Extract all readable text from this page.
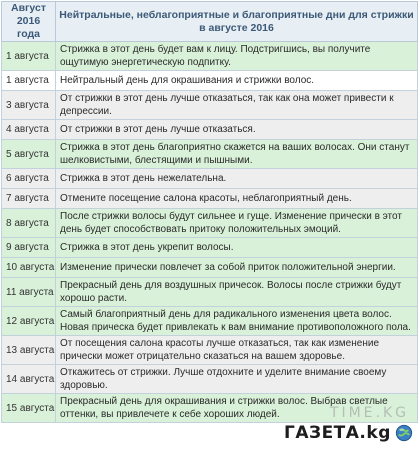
Август 2016 года	Нейтральные, неблагоприятные и благоприятные дни для стрижки в августе 2016
1 августа	Стрижка в этот день будет вам к лицу. Подстригшись, вы получите ощутимую энергетическую подпитку.
1 августа	Нейтральный день для окрашивания и стрижки волос.
3 августа	От стрижки в этот день лучше отказаться, так как она может привести к депрессии.
4 августа	От стрижки в этот день лучше отказаться.
5 августа	Стрижка в этот день благоприятно скажется на ваших волосах. Они станут шелковистыми, блестящими и пышными.
6 августа	Стрижка в этот день нежелательна.
7 августа	Отмените посещение салона красоты, неблагоприятный день.
8 августа	После стрижки волосы будут сильнее и гуще. Изменение прически в этот день будет способствовать притоку положительных эмоций.
9 августа	Стрижка в этот день укрепит волосы.
10 августа	Изменение прически повлечет за собой приток положительной энергии.
11 августа	Прекрасный день для воздушных причесок. Волосы после стрижки будут хорошо расти.
12 августа	Самый благоприятный день для радикального изменения цвета волос. Новая прическа будет привлекать к вам внимание противоположного пола.
13 августа	От посещения салона красоты лучше отказаться, так как изменение прически может отрицательно сказаться на вашем здоровье.
14 августа	Откажитесь от стрижки. Лучше отдохните и уделите внимание своему здоровью.
15 августа	Прекрасный день для окрашивания и стрижки волос. Выбрав светлые оттенки, вы привлечете к себе хороших людей.	TIME.KG
ГАЗЕТА.kg
